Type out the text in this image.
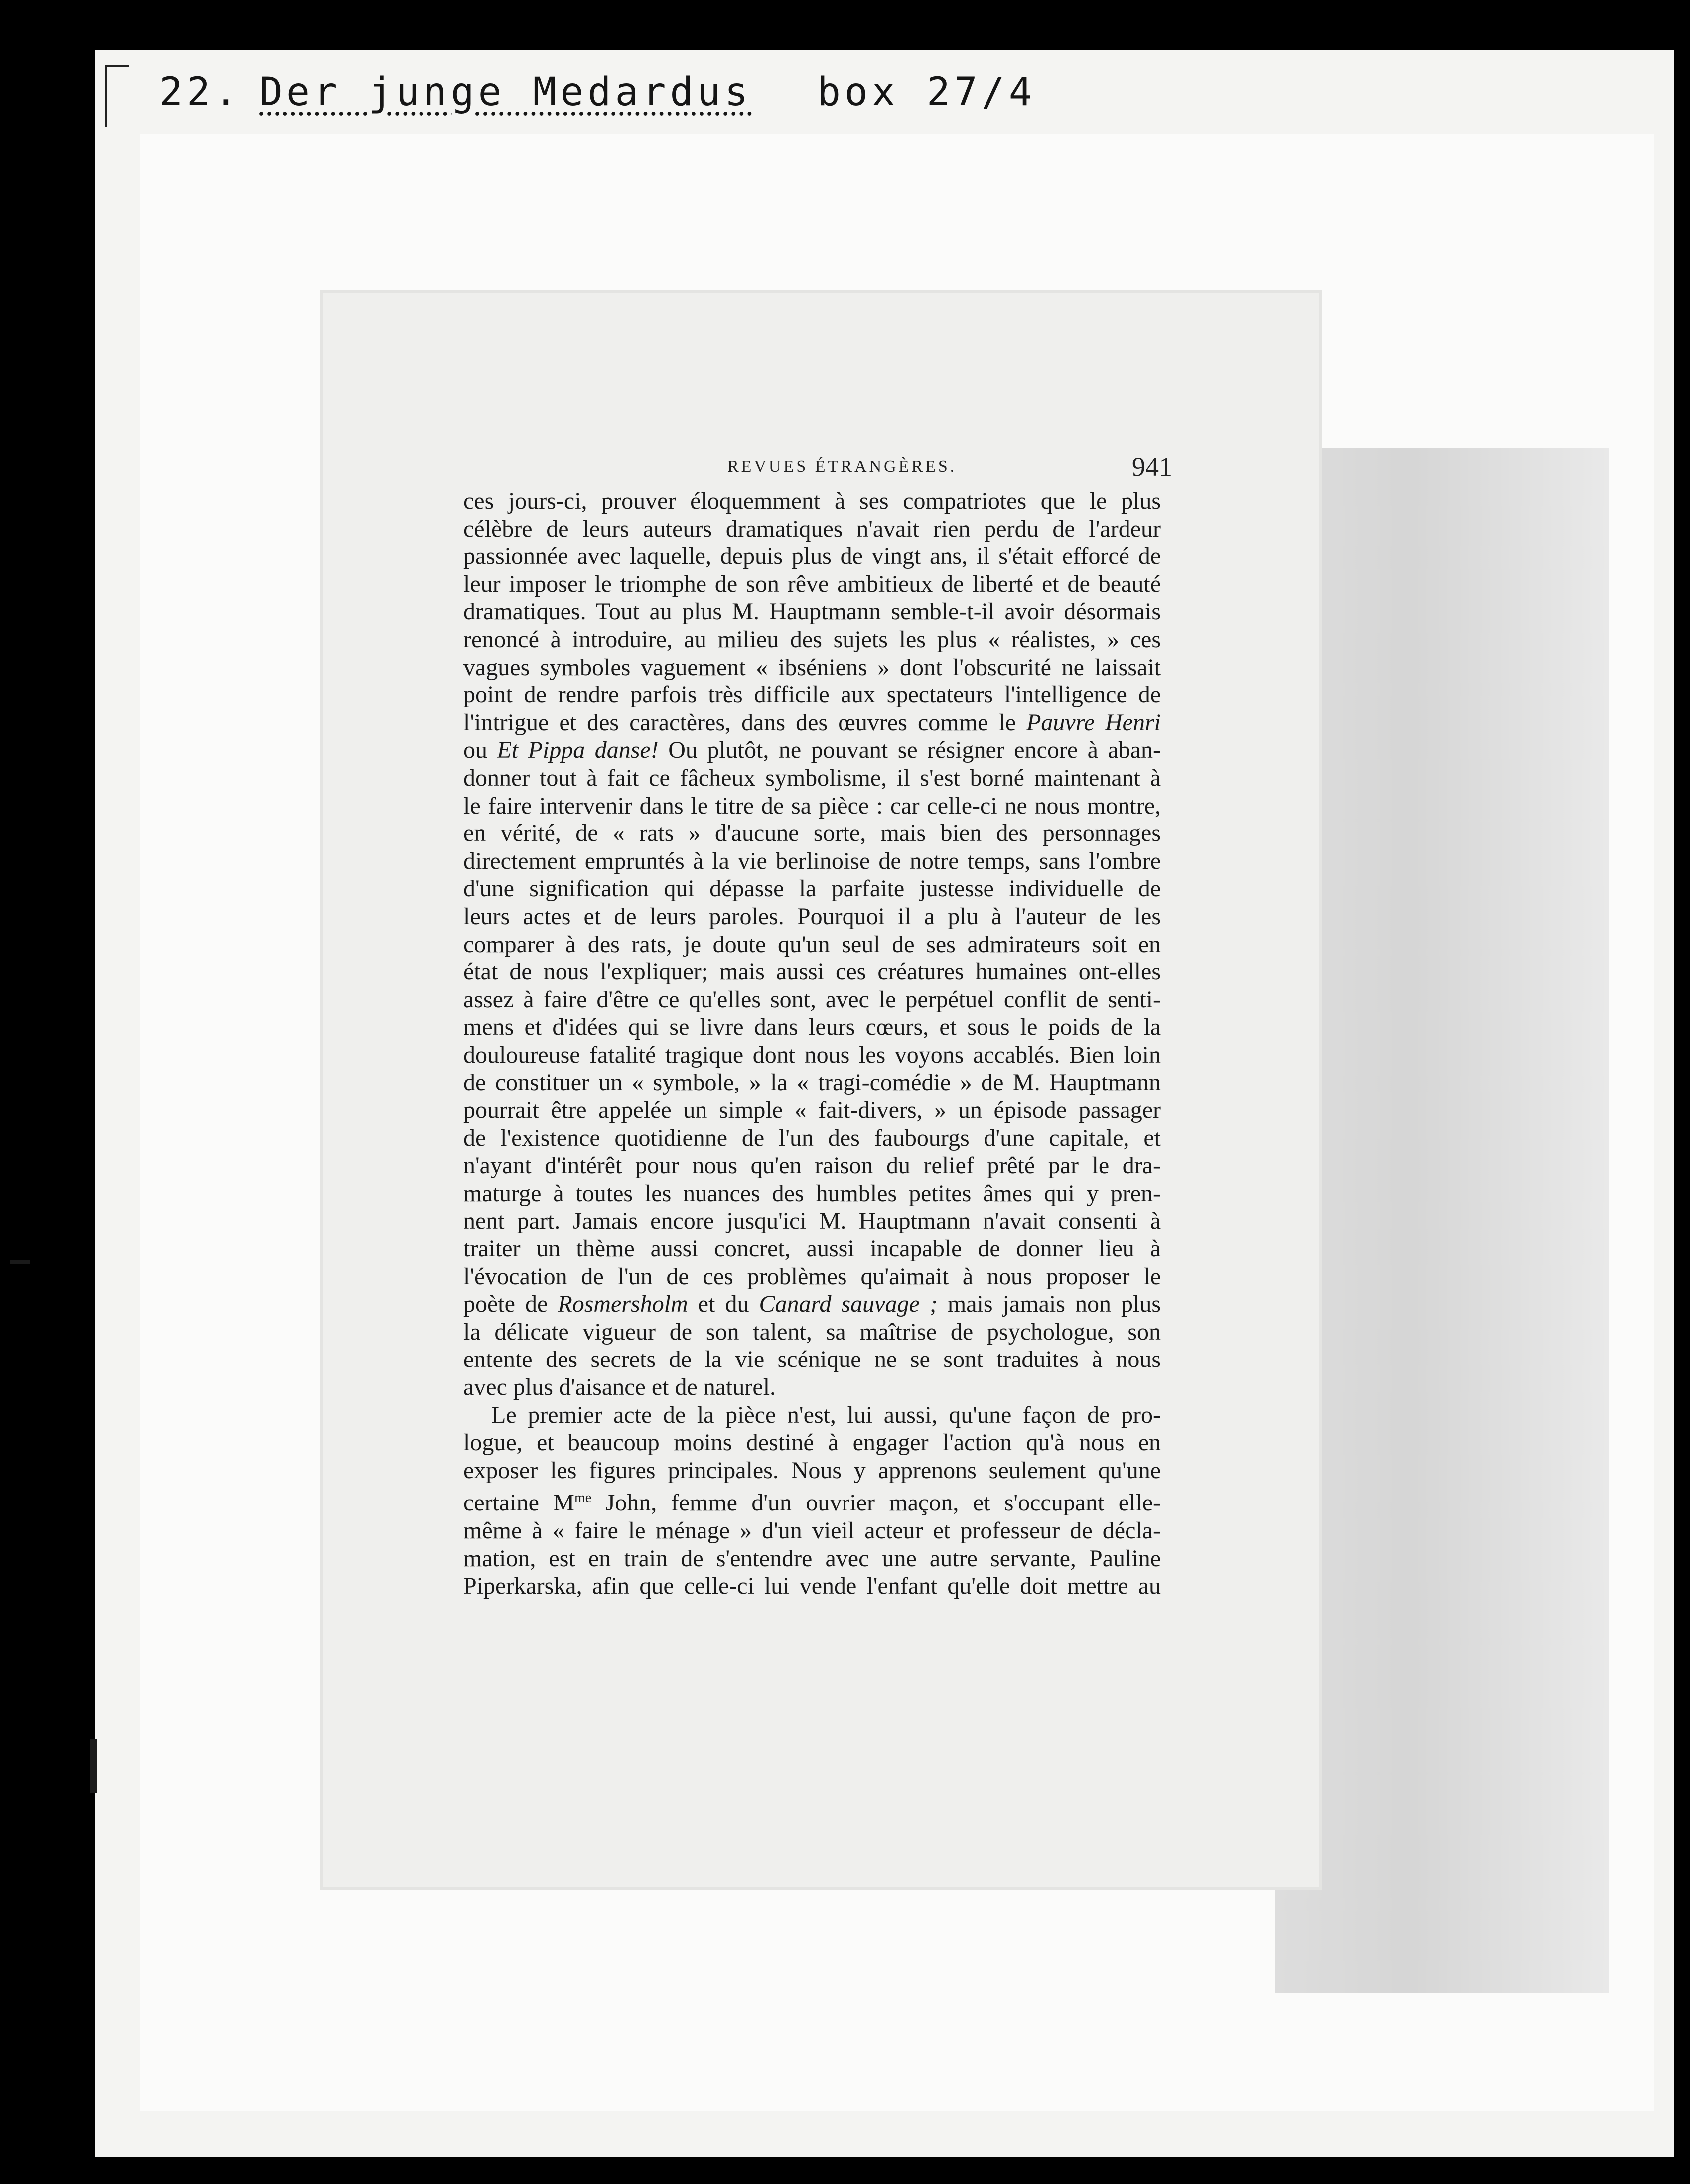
22. Der junge Medardus box 27/4
REVUES ÉTRANGÈRES.	941
ces jours-ci, prouver éloquemment à ses compatriotes que le plus
célèbre de leurs auteurs dramatiques n'avait rien perdu de l'ardeur
passionnée avec laquelle, depuis plus de vingt ans, il s'était efforcé de
leur imposer le triomphe de son rêve ambitieux de liberté et de beauté
dramatiques. Tout au plus M. Hauptmann semble-t-il avoir désormais
renoncé à introduire, au milieu des sujets les plus « réalistes, » ces
vagues symboles vaguement « ibséniens » dont l'obscurité ne laissait
point de rendre parfois très difficile aux spectateurs l'intelligence de
l'intrigue et des caractères, dans des œuvres comme le Pauvre Henri
ou Et Pippa danse! Ou plutôt, ne pouvant se résigner encore à aban-
donner tout à fait ce fâcheux symbolisme, il s'est borné maintenant à
le faire intervenir dans le titre de sa pièce : car celle-ci ne nous montre,
en vérité, de « rats » d'aucune sorte, mais bien des personnages
directement empruntés à la vie berlinoise de notre temps, sans l'ombre
d'une signification qui dépasse la parfaite justesse individuelle de
leurs actes et de leurs paroles. Pourquoi il a plu à l'auteur de les
comparer à des rats, je doute qu'un seul de ses admirateurs soit en
état de nous l'expliquer; mais aussi ces créatures humaines ont-elles
assez à faire d'être ce qu'elles sont, avec le perpétuel conflit de senti-
mens et d'idées qui se livre dans leurs cœurs, et sous le poids de la
douloureuse fatalité tragique dont nous les voyons accablés. Bien loin
de constituer un « symbole, » la « tragi-comédie » de M. Hauptmann
pourrait être appelée un simple « fait-divers, » un épisode passager
de l'existence quotidienne de l'un des faubourgs d'une capitale, et
n'ayant d'intérêt pour nous qu'en raison du relief prêté par le dra-
maturge à toutes les nuances des humbles petites âmes qui y pren-
nent part. Jamais encore jusqu'ici M. Hauptmann n'avait consenti à
traiter un thème aussi concret, aussi incapable de donner lieu à
l'évocation de l'un de ces problèmes qu'aimait à nous proposer le
poète de Rosmersholm et du Canard sauvage ; mais jamais non plus
la délicate vigueur de son talent, sa maîtrise de psychologue, son
entente des secrets de la vie scénique ne se sont traduites à nous
avec plus d'aisance et de naturel.
Le premier acte de la pièce n'est, lui aussi, qu'une façon de pro-
logue, et beaucoup moins destiné à engager l'action qu'à nous en
exposer les figures principales. Nous y apprenons seulement qu'une
certaine $M^{me}$ John, femme d'un ouvrier maçon, et s'occupant elle-
même à « faire le ménage » d'un vieil acteur et professeur de décla-
mation, est en train de s'entendre avec une autre servante, Pauline
Piperkarska, afin que celle-ci lui vende l'enfant qu'elle doit mettre au
